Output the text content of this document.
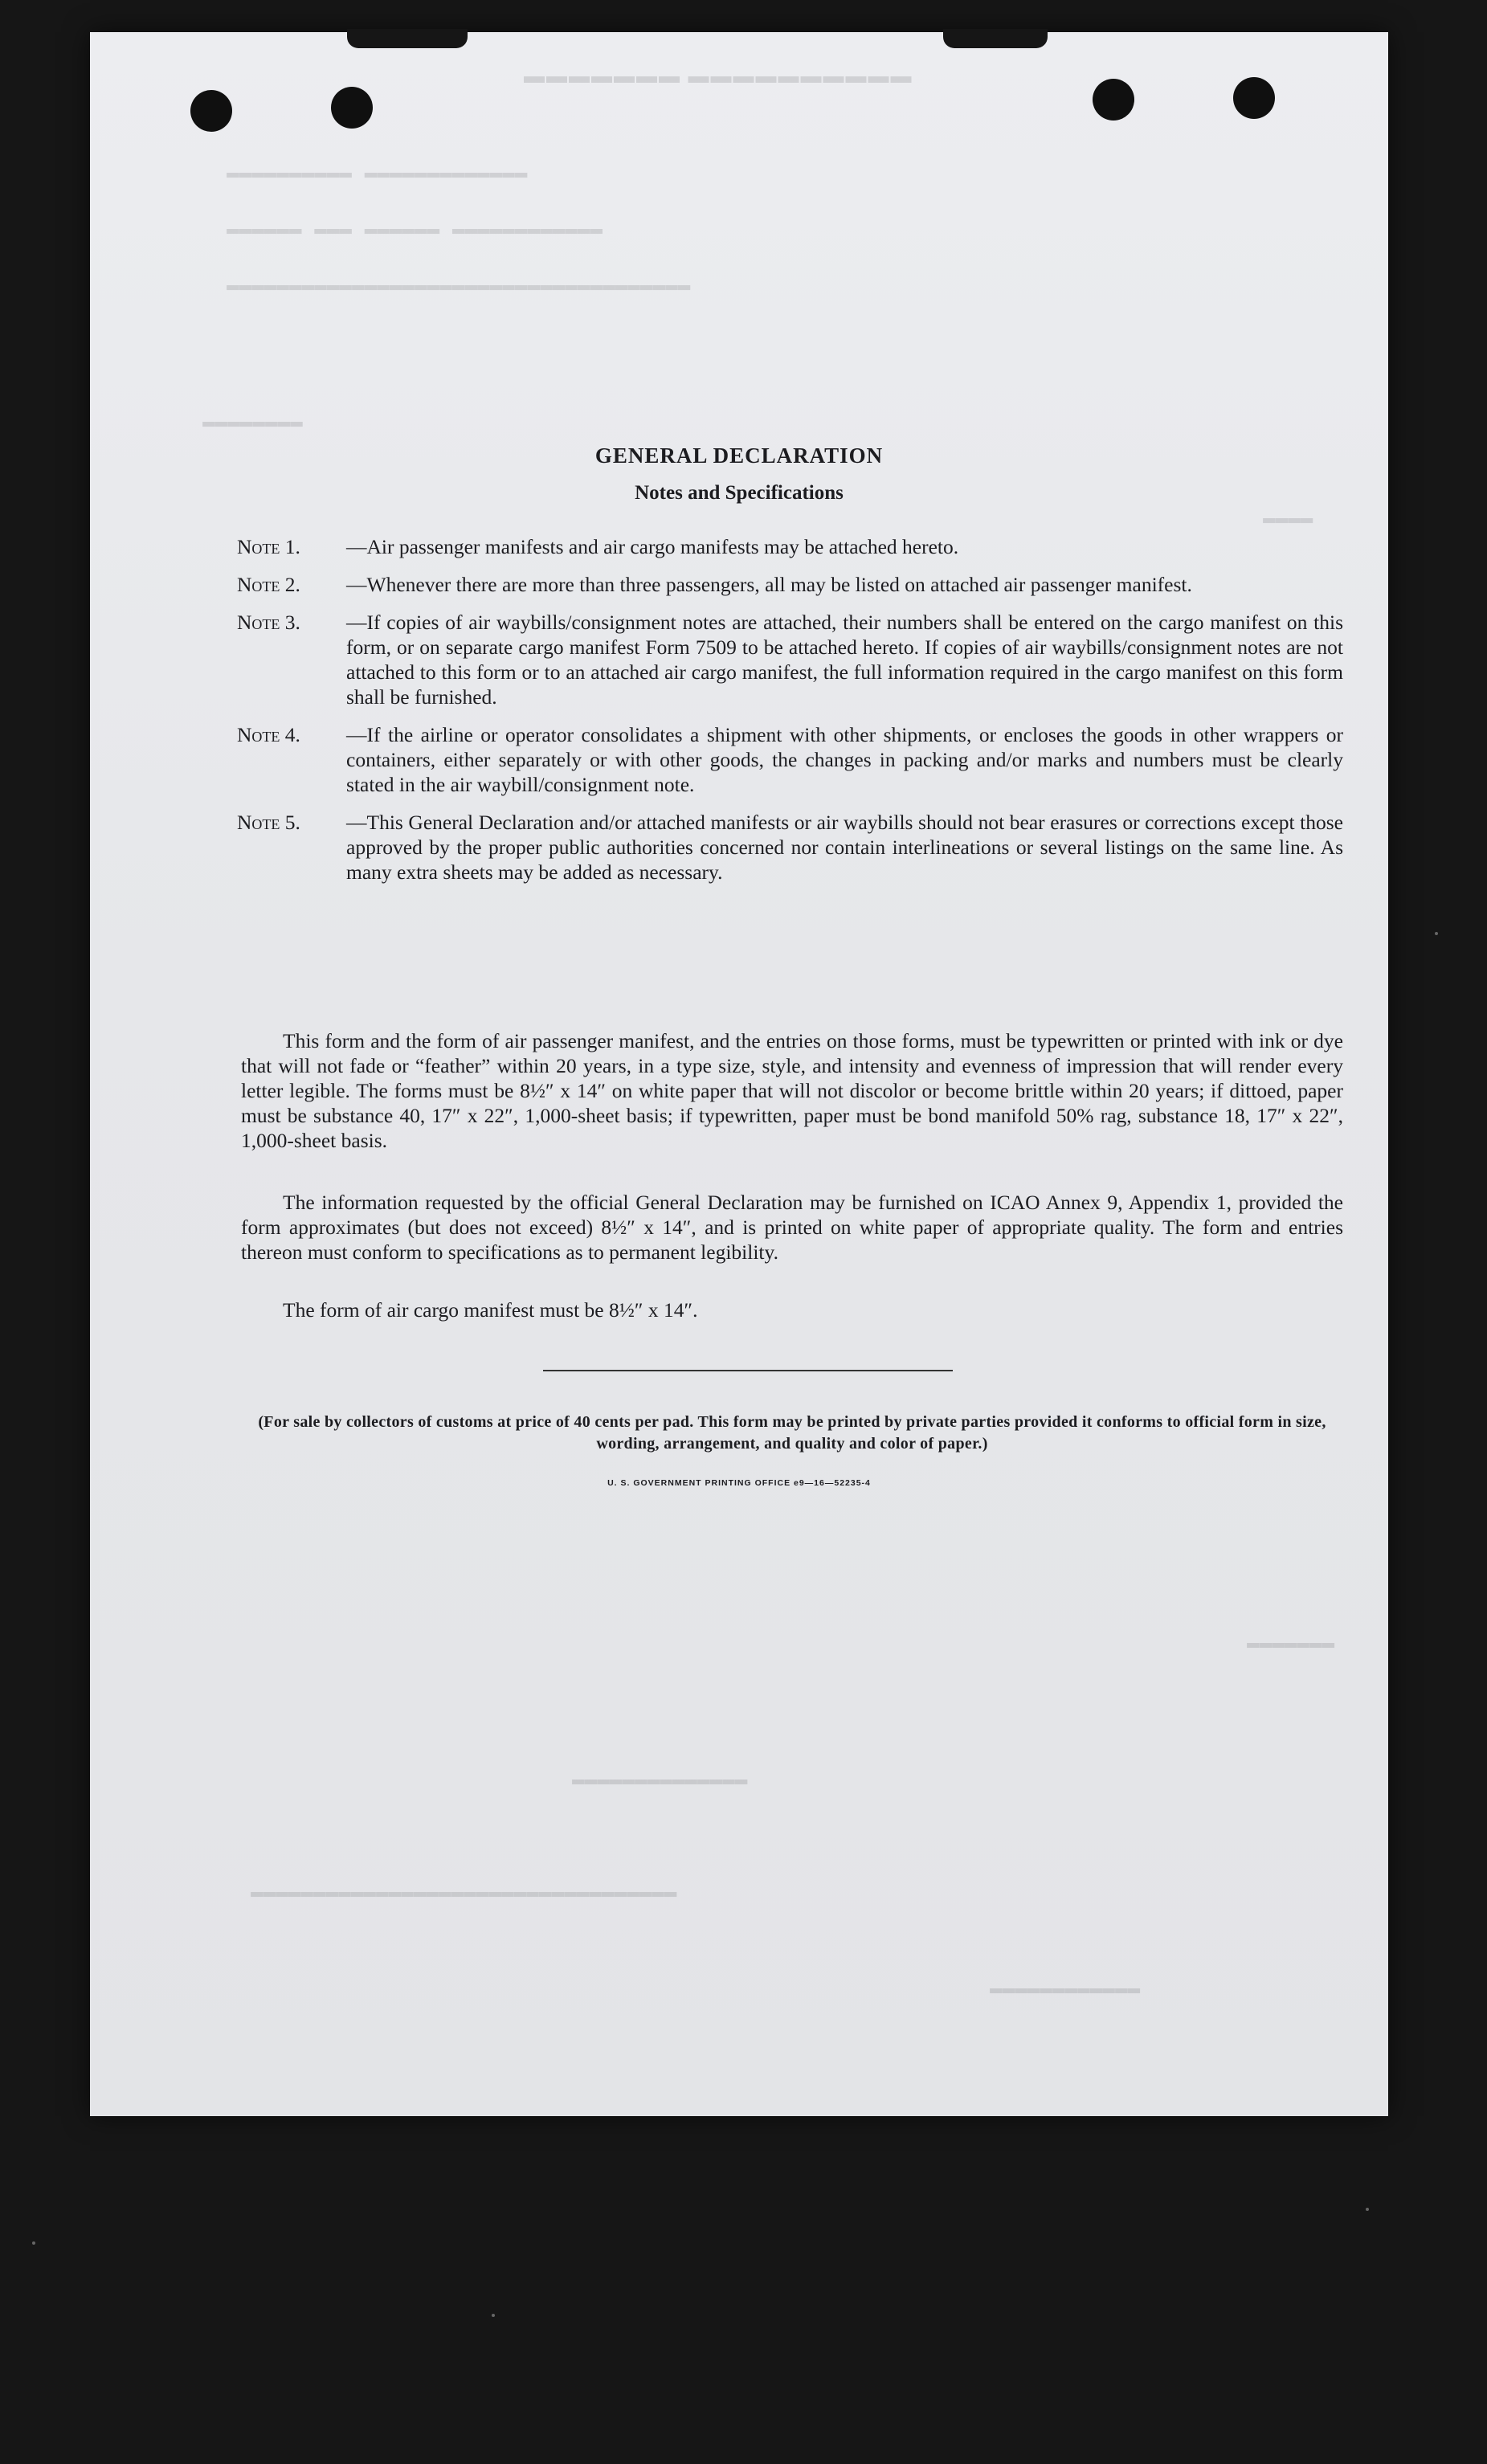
▬▬▬▬▬▬▬ ▬▬▬▬▬▬▬▬▬▬
▬▬▬▬▬▬▬▬▬▬ ▬▬▬▬▬▬▬▬▬▬▬▬▬
▬▬▬▬▬▬ ▬▬▬ ▬▬▬▬▬▬ ▬▬▬▬▬▬▬▬▬▬▬▬
▬▬▬▬▬▬▬▬▬▬▬▬▬▬▬▬▬▬▬▬▬▬▬▬▬▬▬▬▬▬▬▬▬▬▬▬▬
▬▬▬▬▬▬▬▬
▬▬▬▬
▬▬▬▬▬▬▬
▬▬▬▬▬▬▬▬▬▬▬▬▬▬
▬▬▬▬▬▬▬▬▬▬▬▬▬▬▬▬▬▬▬▬▬▬▬▬▬▬▬▬▬▬▬▬▬▬
▬▬▬▬▬▬▬▬▬▬▬▬
GENERAL DECLARATION
Notes and Specifications
Note 1.	—Air passenger manifests and air cargo manifests may be attached hereto.
Note 2.	—Whenever there are more than three passengers, all may be listed on attached air passenger manifest.
Note 3.	—If copies of air waybills/consignment notes are attached, their numbers shall be entered on the cargo manifest on this form, or on separate cargo manifest Form 7509 to be attached hereto. If copies of air waybills/consignment notes are not attached to this form or to an attached air cargo manifest, the full information required in the cargo manifest on this form shall be furnished.
Note 4.	—If the airline or operator consolidates a shipment with other shipments, or encloses the goods in other wrappers or containers, either separately or with other goods, the changes in packing and/or marks and numbers must be clearly stated in the air waybill/consignment note.
Note 5.	—This General Declaration and/or attached manifests or air waybills should not bear erasures or corrections except those approved by the proper public authorities concerned nor contain interlineations or several listings on the same line. As many extra sheets may be added as necessary.
This form and the form of air passenger manifest, and the entries on those forms, must be typewritten or printed with ink or dye that will not fade or “feather” within 20 years, in a type size, style, and intensity and evenness of impression that will render every letter legible. The forms must be 8½″ x 14″ on white paper that will not discolor or become brittle within 20 years; if dittoed, paper must be substance 40, 17″ x 22″, 1,000-sheet basis; if typewritten, paper must be bond manifold 50% rag, substance 18, 17″ x 22″, 1,000-sheet basis.
The information requested by the official General Declaration may be furnished on ICAO Annex 9, Appendix 1, provided the form approximates (but does not exceed) 8½″ x 14″, and is printed on white paper of appropriate quality. The form and entries thereon must conform to specifications as to permanent legibility.
The form of air cargo manifest must be 8½″ x 14″.
(For sale by collectors of customs at price of 40 cents per pad. This form may be printed by private parties provided it conforms to official form in size, wording, arrangement, and quality and color of paper.)
U. S. GOVERNMENT PRINTING OFFICE e9—16—52235-4
